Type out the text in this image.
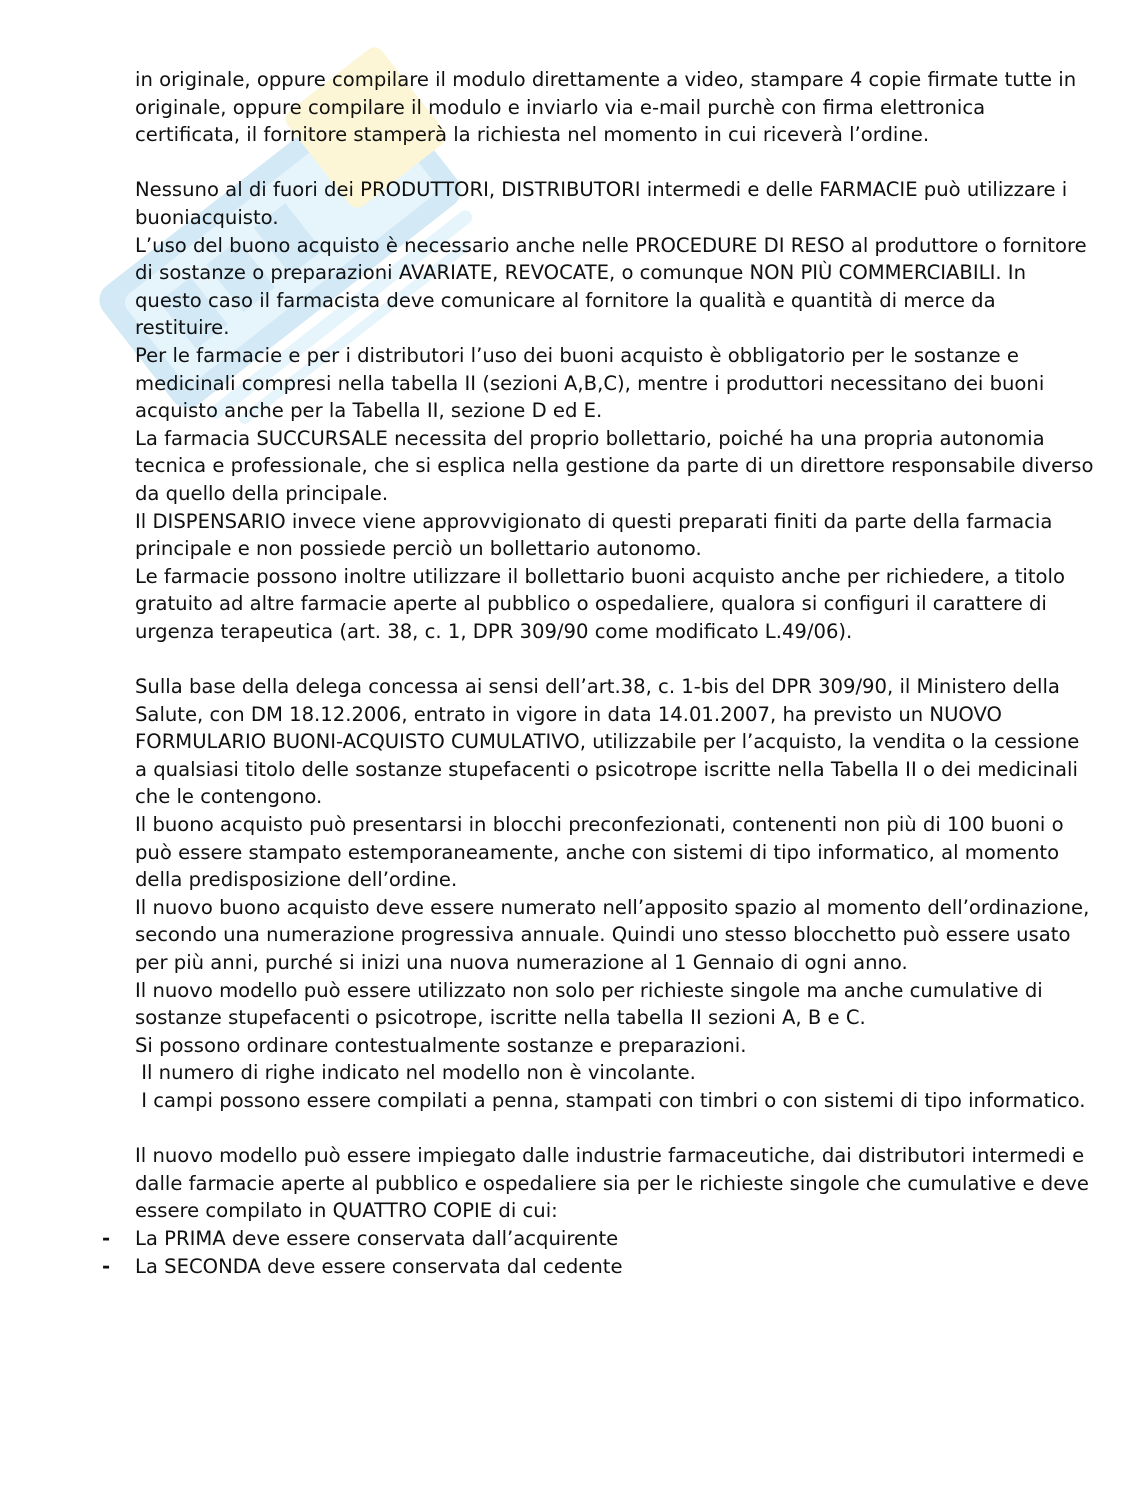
in originale, oppure compilare il modulo direttamente a video, stampare 4 copie firmate tutte in originale, oppure compilare il modulo e inviarlo via e-mail purchè con firma elettronica certificata, il fornitore stamperà la richiesta nel momento in cui riceverà l’ordine.

Nessuno al di fuori dei PRODUTTORI, DISTRIBUTORI intermedi e delle FARMACIE può utilizzare i buoniacquisto.

L’uso del buono acquisto è necessario anche nelle PROCEDURE DI RESO al produttore o fornitore di sostanze o preparazioni AVARIATE, REVOCATE, o comunque NON PIÙ COMMERCIABILI. In questo caso il farmacista deve comunicare al fornitore la qualità e quantità di merce da restituire.

Per le farmacie e per i distributori l’uso dei buoni acquisto è obbligatorio per le sostanze e medicinali compresi nella tabella II (sezioni A,B,C), mentre i produttori necessitano dei buoni acquisto anche per la Tabella II, sezione D ed E.

La farmacia SUCCURSALE necessita del proprio bollettario, poiché ha una propria autonomia tecnica e professionale, che si esplica nella gestione da parte di un direttore responsabile diverso da quello della principale.

Il DISPENSARIO invece viene approvvigionato di questi preparati finiti da parte della farmacia principale e non possiede perciò un bollettario autonomo.

Le farmacie possono inoltre utilizzare il bollettario buoni acquisto anche per richiedere, a titolo gratuito ad altre farmacie aperte al pubblico o ospedaliere, qualora si configuri il carattere di urgenza terapeutica (art. 38, c. 1, DPR 309/90 come modificato L.49/06).

Sulla base della delega concessa ai sensi dell’art.38, c. 1-bis del DPR 309/90, il Ministero della Salute, con DM 18.12.2006, entrato in vigore in data 14.01.2007, ha previsto un NUOVO FORMULARIO BUONI-ACQUISTO CUMULATIVO, utilizzabile per l’acquisto, la vendita o la cessione a qualsiasi titolo delle sostanze stupefacenti o psicotrope iscritte nella Tabella II o dei medicinali che le contengono.

Il buono acquisto può presentarsi in blocchi preconfezionati, contenenti non più di 100 buoni o può essere stampato estemporaneamente, anche con sistemi di tipo informatico, al momento della predisposizione dell’ordine.

Il nuovo buono acquisto deve essere numerato nell’apposito spazio al momento dell’ordinazione, secondo una numerazione progressiva annuale. Quindi uno stesso blocchetto può essere usato per più anni, purché si inizi una nuova numerazione al 1 Gennaio di ogni anno.

Il nuovo modello può essere utilizzato non solo per richieste singole ma anche cumulative di sostanze stupefacenti o psicotrope, iscritte nella tabella II sezioni A, B e C.

Si possono ordinare contestualmente sostanze e preparazioni.

Il numero di righe indicato nel modello non è vincolante.

I campi possono essere compilati a penna, stampati con timbri o con sistemi di tipo informatico.

Il nuovo modello può essere impiegato dalle industrie farmaceutiche, dai distributori intermedi e dalle farmacie aperte al pubblico e ospedaliere sia per le richieste singole che cumulative e deve essere compilato in QUATTRO COPIE di cui:

- La PRIMA deve essere conservata dall’acquirente
- La SECONDA deve essere conservata dal cedente
